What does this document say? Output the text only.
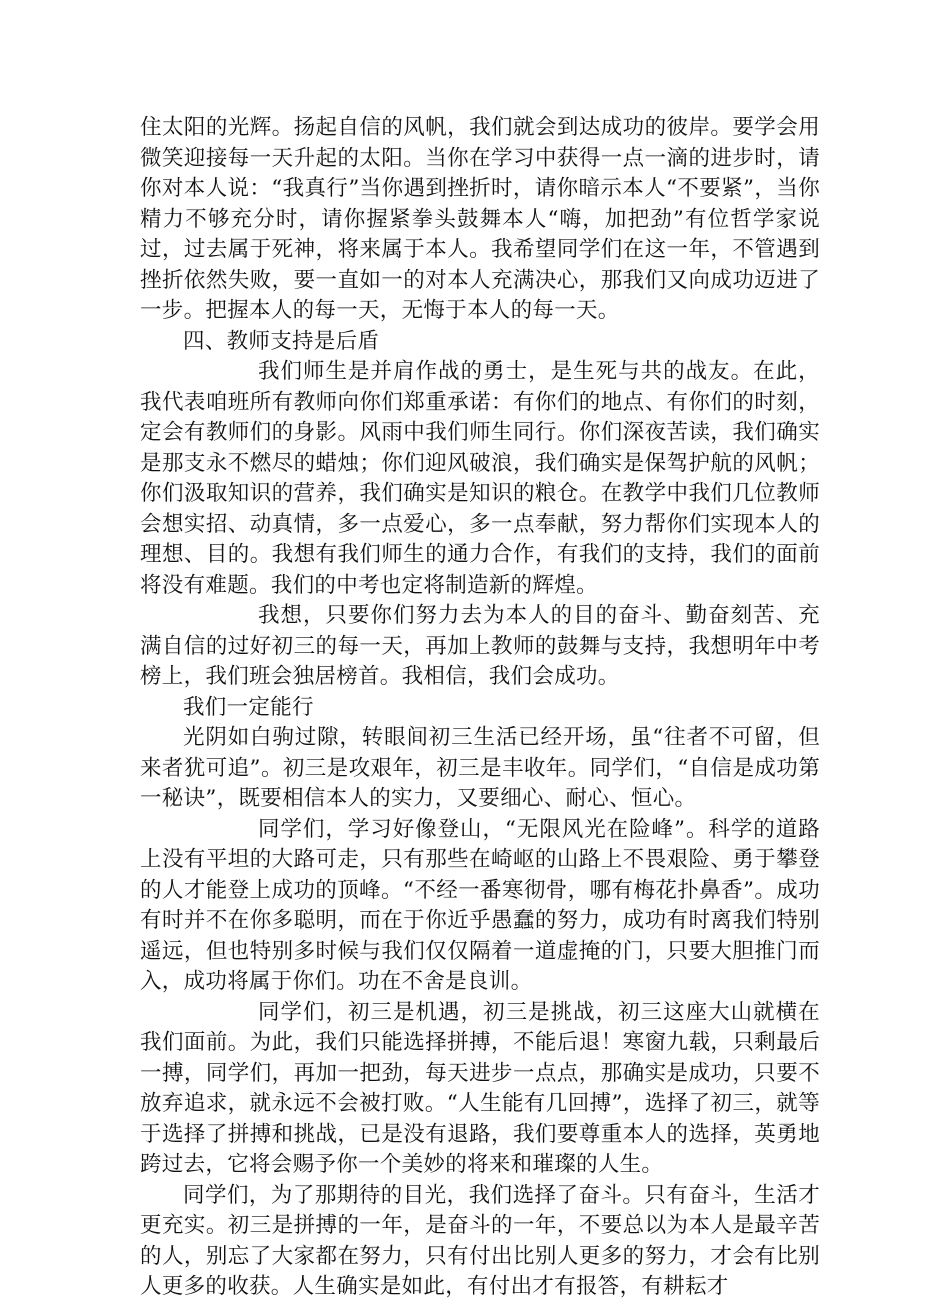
住太阳的光辉。扬起自信的风帆，我们就会到达成功的彼岸。要学会用微笑迎接每一天升起的太阳。当你在学习中获得一点一滴的进步时，请你对本人说：“我真行”当你遇到挫折时，请你暗示本人“不要紧”，当你精力不够充分时，请你握紧拳头鼓舞本人“嗨，加把劲”有位哲学家说过，过去属于死神，将来属于本人。我希望同学们在这一年，不管遇到挫折依然失败，要一直如一的对本人充满决心，那我们又向成功迈进了一步。把握本人的每一天，无悔于本人的每一天。

四、教师支持是后盾

我们师生是并肩作战的勇士，是生死与共的战友。在此，我代表咱班所有教师向你们郑重承诺：有你们的地点、有你们的时刻，定会有教师们的身影。风雨中我们师生同行。你们深夜苦读，我们确实是那支永不燃尽的蜡烛；你们迎风破浪，我们确实是保驾护航的风帆；你们汲取知识的营养，我们确实是知识的粮仓。在教学中我们几位教师会想实招、动真情，多一点爱心，多一点奉献，努力帮你们实现本人的理想、目的。我想有我们师生的通力合作，有我们的支持，我们的面前将没有难题。我们的中考也定将制造新的辉煌。

我想，只要你们努力去为本人的目的奋斗、勤奋刻苦、充满自信的过好初三的每一天，再加上教师的鼓舞与支持，我想明年中考榜上，我们班会独居榜首。我相信，我们会成功。

我们一定能行

光阴如白驹过隙，转眼间初三生活已经开场，虽“往者不可留，但来者犹可追”。初三是攻艰年，初三是丰收年。同学们，“自信是成功第一秘诀”，既要相信本人的实力，又要细心、耐心、恒心。

同学们，学习好像登山，“无限风光在险峰”。科学的道路上没有平坦的大路可走，只有那些在崎岖的山路上不畏艰险、勇于攀登的人才能登上成功的顶峰。“不经一番寒彻骨，哪有梅花扑鼻香”。成功有时并不在你多聪明，而在于你近乎愚蠢的努力，成功有时离我们特别遥远，但也特别多时候与我们仅仅隔着一道虚掩的门，只要大胆推门而入，成功将属于你们。功在不舍是良训。

同学们，初三是机遇，初三是挑战，初三这座大山就横在我们面前。为此，我们只能选择拼搏，不能后退！寒窗九载，只剩最后一搏，同学们，再加一把劲，每天进步一点点，那确实是成功，只要不放弃追求，就永远不会被打败。“人生能有几回搏”，选择了初三，就等于选择了拼搏和挑战，已是没有退路，我们要尊重本人的选择，英勇地跨过去，它将会赐予你一个美妙的将来和璀璨的人生。

同学们，为了那期待的目光，我们选择了奋斗。只有奋斗，生活才更充实。初三是拼搏的一年，是奋斗的一年，不要总以为本人是最辛苦的人，别忘了大家都在努力，只有付出比别人更多的努力，才会有比别人更多的收获。人生确实是如此，有付出才有报答，有耕耘才
